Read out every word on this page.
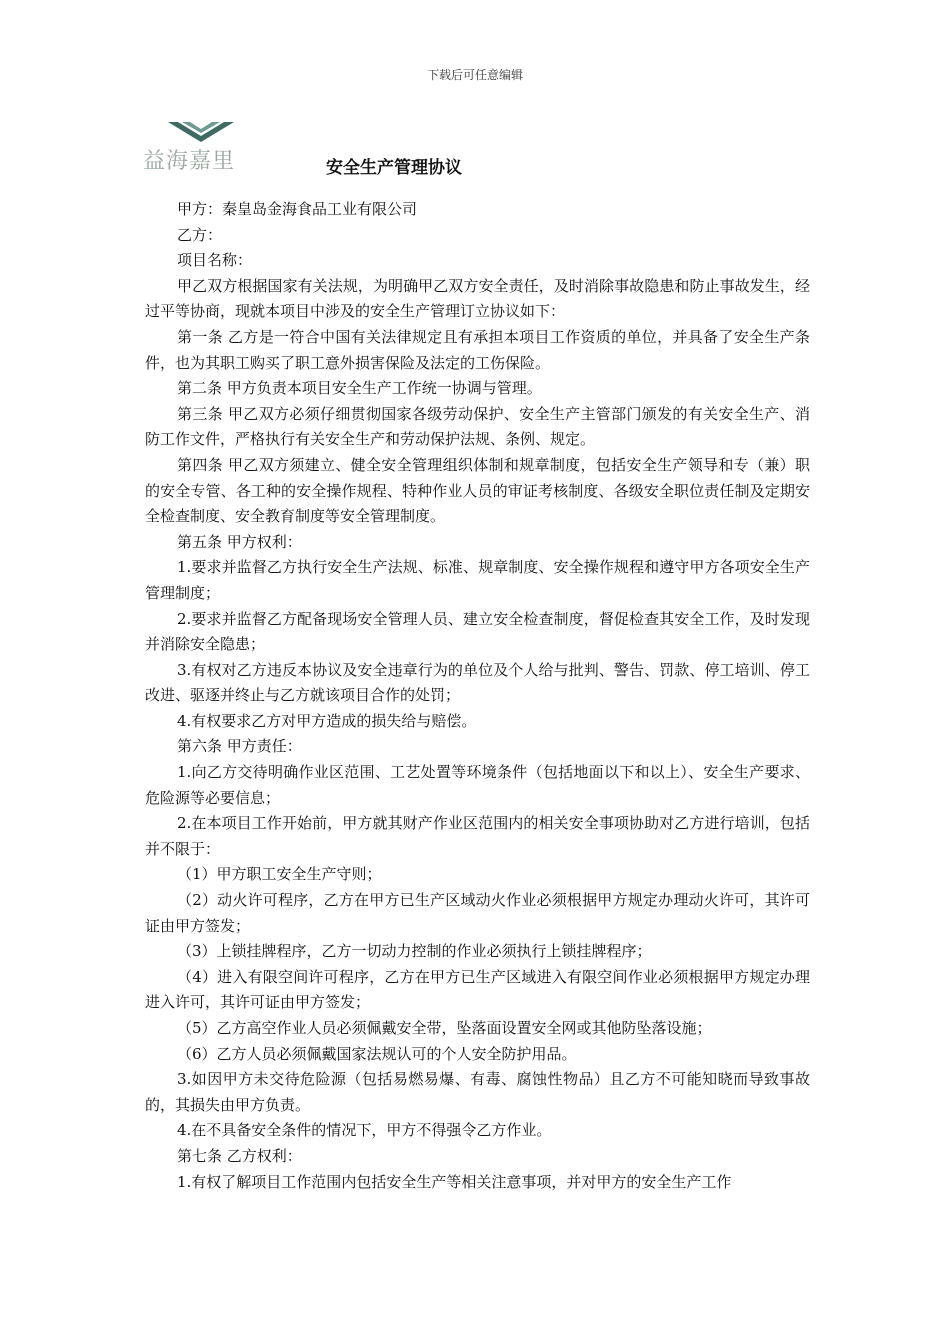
下载后可任意编辑
益海嘉里	安全生产管理协议

甲方：秦皇岛金海食品工业有限公司

乙方：

项目名称：

甲乙双方根据国家有关法规，为明确甲乙双方安全责任，及时消除事故隐患和防止事故发生，经过平等协商，现就本项目中涉及的安全生产管理订立协议如下：

第一条 乙方是一符合中国有关法律规定且有承担本项目工作资质的单位，并具备了安全生产条件，也为其职工购买了职工意外损害保险及法定的工伤保险。

第二条 甲方负责本项目安全生产工作统一协调与管理。

第三条 甲乙双方必须仔细贯彻国家各级劳动保护、安全生产主管部门颁发的有关安全生产、消防工作文件，严格执行有关安全生产和劳动保护法规、条例、规定。

第四条 甲乙双方须建立、健全安全管理组织体制和规章制度，包括安全生产领导和专（兼）职的安全专管、各工种的安全操作规程、特种作业人员的审证考核制度、各级安全职位责任制及定期安全检查制度、安全教育制度等安全管理制度。

第五条 甲方权利：

1.要求并监督乙方执行安全生产法规、标准、规章制度、安全操作规程和遵守甲方各项安全生产管理制度；

2.要求并监督乙方配备现场安全管理人员、建立安全检查制度，督促检查其安全工作，及时发现并消除安全隐患；

3.有权对乙方违反本协议及安全违章行为的单位及个人给与批判、警告、罚款、停工培训、停工改进、驱逐并终止与乙方就该项目合作的处罚；

4.有权要求乙方对甲方造成的损失给与赔偿。

第六条 甲方责任：

1.向乙方交待明确作业区范围、工艺处置等环境条件（包括地面以下和以上）、安全生产要求、危险源等必要信息；

2.在本项目工作开始前，甲方就其财产作业区范围内的相关安全事项协助对乙方进行培训，包括并不限于：

（1）甲方职工安全生产守则；

（2）动火许可程序，乙方在甲方已生产区域动火作业必须根据甲方规定办理动火许可，其许可证由甲方签发；

（3）上锁挂牌程序，乙方一切动力控制的作业必须执行上锁挂牌程序；

（4）进入有限空间许可程序，乙方在甲方已生产区域进入有限空间作业必须根据甲方规定办理进入许可，其许可证由甲方签发；

（5）乙方高空作业人员必须佩戴安全带，坠落面设置安全网或其他防坠落设施；

（6）乙方人员必须佩戴国家法规认可的个人安全防护用品。

3.如因甲方未交待危险源（包括易燃易爆、有毒、腐蚀性物品）且乙方不可能知晓而导致事故的，其损失由甲方负责。

4.在不具备安全条件的情况下，甲方不得强令乙方作业。

第七条 乙方权利：

1.有权了解项目工作范围内包括安全生产等相关注意事项，并对甲方的安全生产工作
